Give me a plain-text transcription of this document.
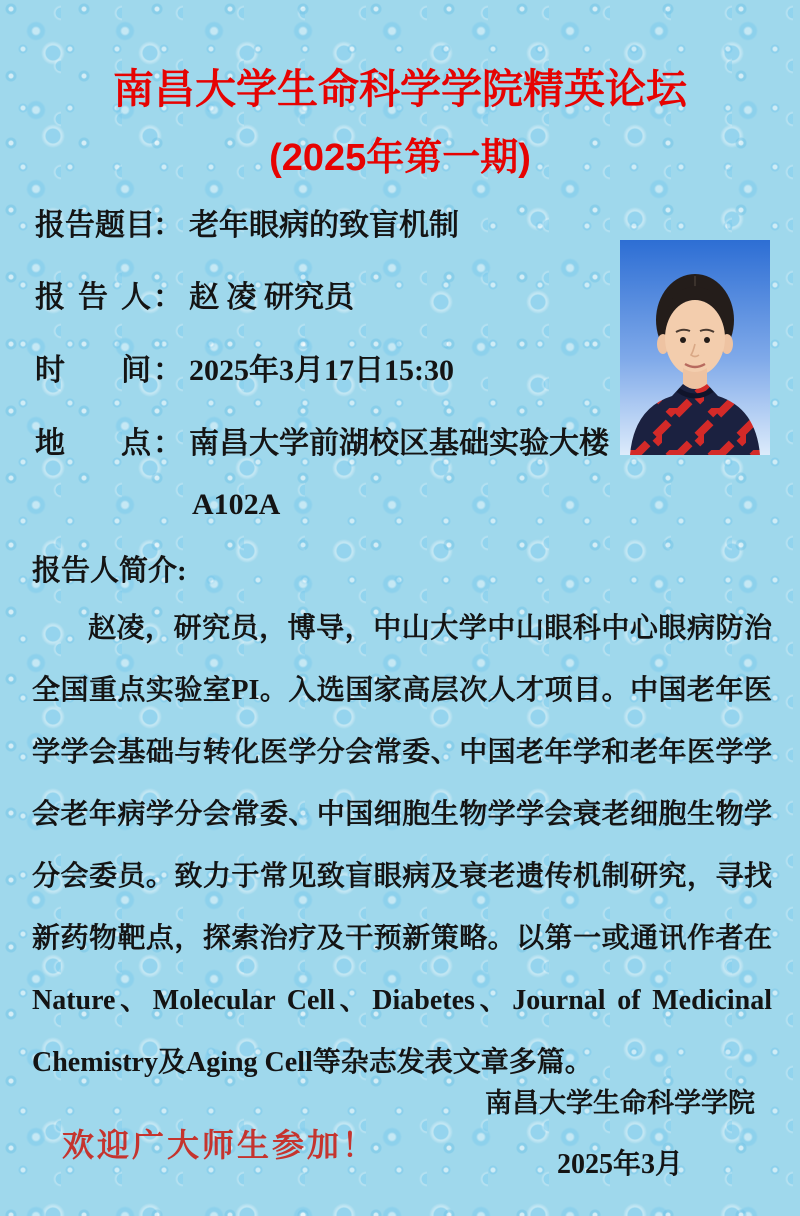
南昌大学生命科学学院精英论坛
(2025年第一期)
报告题目： 老年眼病的致盲机制
报 告 人： 赵 凌 研究员
时 间： 2025年3月17日15:30
地 点： 南昌大学前湖校区基础实验大楼
A102A
报告人简介:
赵凌，研究员，博导，中山大学中山眼科中心眼病防治全国重点实验室PI。入选国家高层次人才项目。中国老年医学学会基础与转化医学分会常委、中国老年学和老年医学学会老年病学分会常委、中国细胞生物学学会衰老细胞生物学分会委员。致力于常见致盲眼病及衰老遗传机制研究，寻找新药物靶点，探索治疗及干预新策略。以第一或通讯作者在Nature、Molecular Cell、Diabetes、Journal of Medicinal Chemistry及Aging Cell等杂志发表文章多篇。
南昌大学生命科学学院
2025年3月
欢迎广大师生参加！
